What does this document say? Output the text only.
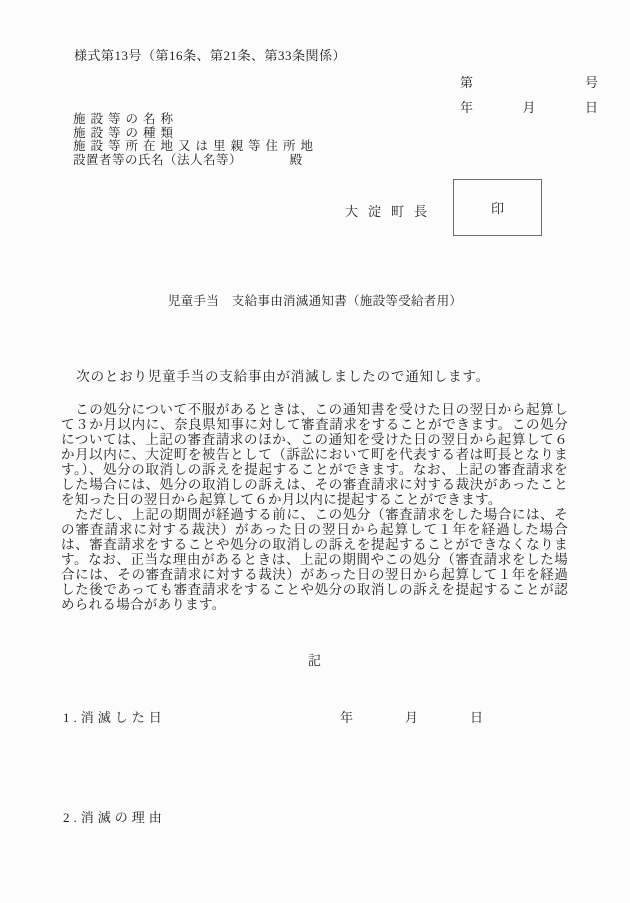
様式第13号（第16条、第21条、第33条関係）
第	号
年	月	日
施設等の名称
施設等の種類
施設等所在地又は里親等住所地
設置者等の氏名（法人名等）	殿
大淀町長	印
児童手当　支給事由消滅通知書（施設等受給者用）
　次のとおり児童手当の支給事由が消滅しましたので通知します。

　この処分について不服があるときは、この通知書を受けた日の翌日から起算して３か月以内に、奈良県知事に対して審査請求をすることができます。この処分については、上記の審査請求のほか、この通知を受けた日の翌日から起算して６か月以内に、大淀町を被告として（訴訟において町を代表する者は町長となります。）、処分の取消しの訴えを提起することができます。なお、上記の審査請求をした場合には、処分の取消しの訴えは、その審査請求に対する裁決があったことを知った日の翌日から起算して６か月以内に提起することができます。

　ただし、上記の期間が経過する前に、この処分（審査請求をした場合には、その審査請求に対する裁決）があった日の翌日から起算して１年を経過した場合は、審査請求をすることや処分の取消しの訴えを提起することができなくなります。なお、正当な理由があるときは、上記の期間やこの処分（審査請求をした場合には、その審査請求に対する裁決）があった日の翌日から起算して１年を経過した後であっても審査請求をすることや処分の取消しの訴えを提起することが認められる場合があります。

記
1.消滅した日	年	月	日
2.消滅の理由
